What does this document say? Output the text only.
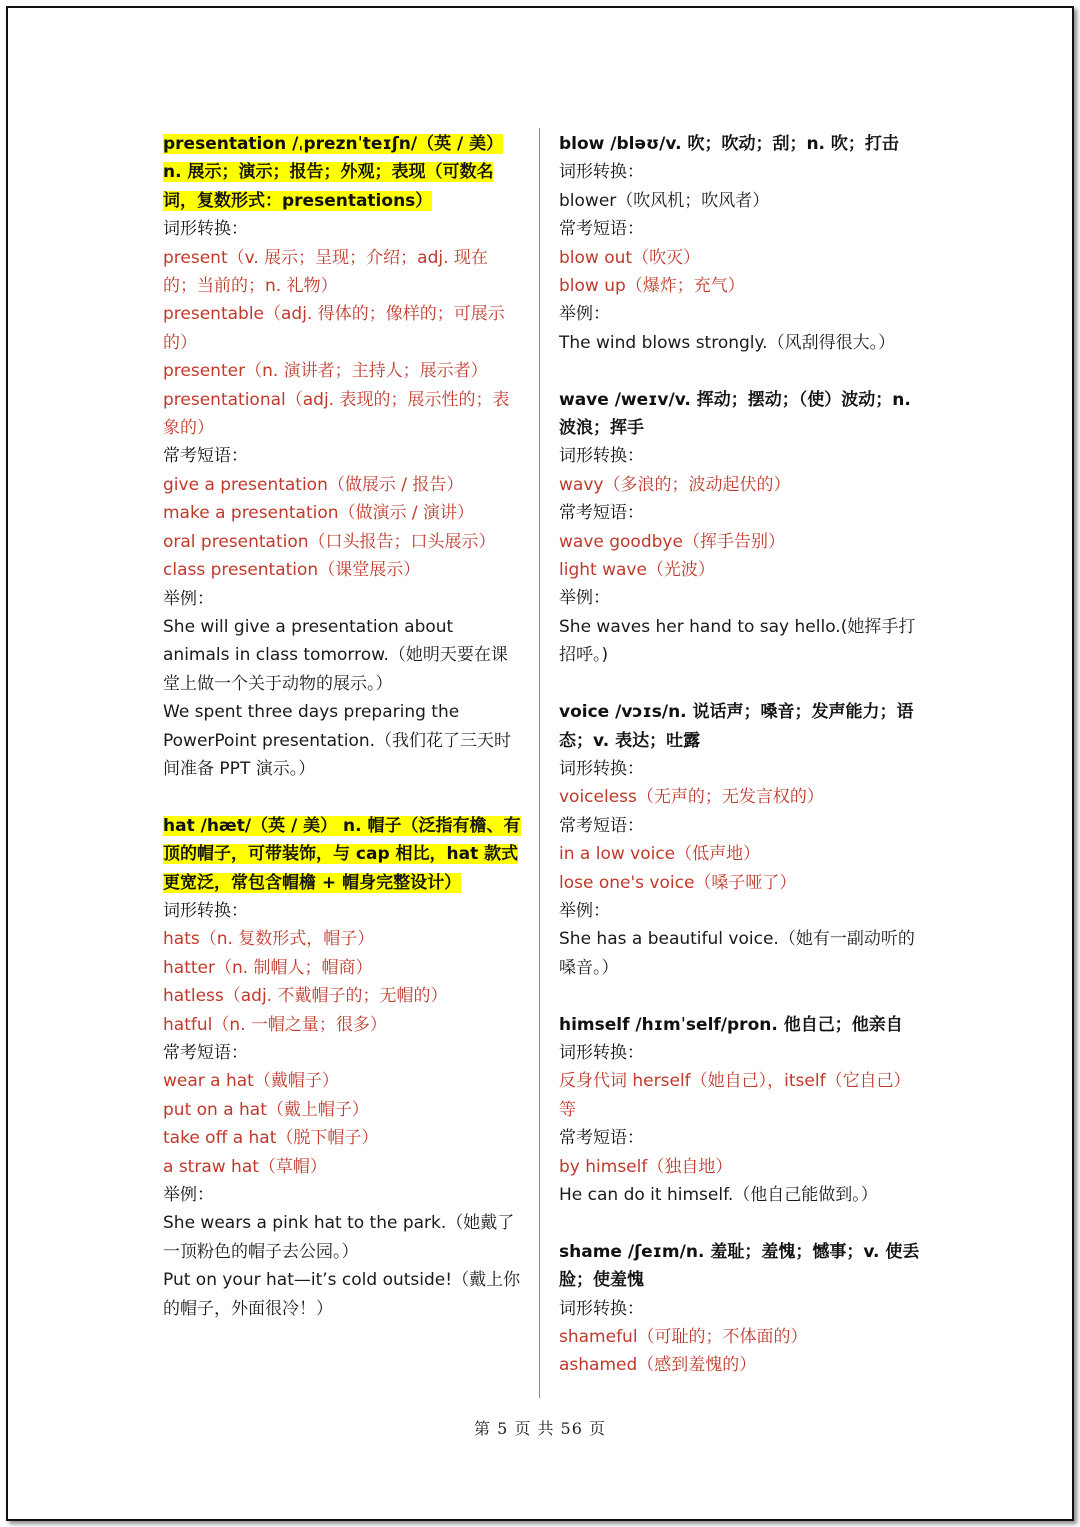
presentation /ˌpreznˈteɪʃn/（英 / 美） n. 展示；演示；报告；外观；表现（可数名词，复数形式：presentations）
词形转换：
present（v. 展示；呈现；介绍；adj. 现在的；当前的；n. 礼物）
presentable（adj. 得体的；像样的；可展示的）
presenter（n. 演讲者；主持人；展示者）
presentational（adj. 表现的；展示性的；表象的）
常考短语：
give a presentation（做展示 / 报告）
make a presentation（做演示 / 演讲）
oral presentation（口头报告；口头展示）
class presentation（课堂展示）
举例：
She will give a presentation about animals in class tomorrow.（她明天要在课堂上做一个关于动物的展示。）
We spent three days preparing the PowerPoint presentation.（我们花了三天时间准备 PPT 演示。）
hat /hæt/（英 / 美） n. 帽子（泛指有檐、有顶的帽子，可带装饰，与 cap 相比，hat 款式更宽泛，常包含帽檐 + 帽身完整设计）
词形转换：
hats（n. 复数形式，帽子）
hatter（n. 制帽人；帽商）
hatless（adj. 不戴帽子的；无帽的）
hatful（n. 一帽之量；很多）
常考短语：
wear a hat（戴帽子）
put on a hat（戴上帽子）
take off a hat（脱下帽子）
a straw hat（草帽）
举例：
She wears a pink hat to the park.（她戴了一顶粉色的帽子去公园。）
Put on your hat—it’s cold outside!（戴上你的帽子，外面很冷！）
blow /bləʊ/v. 吹；吹动；刮；n. 吹；打击
词形转换：
blower（吹风机；吹风者）
常考短语：
blow out（吹灭）
blow up（爆炸；充气）
举例：
The wind blows strongly.（风刮得很大。）
wave /weɪv/v. 挥动；摆动；（使）波动；n. 波浪；挥手
词形转换：
wavy（多浪的；波动起伏的）
常考短语：
wave goodbye（挥手告别）
light wave（光波）
举例：
She waves her hand to say hello.(她挥手打招呼。)
voice /vɔɪs/n. 说话声；嗓音；发声能力；语态；v. 表达；吐露
词形转换：
voiceless（无声的；无发言权的）
常考短语：
in a low voice（低声地）
lose one's voice（嗓子哑了）
举例：
She has a beautiful voice.（她有一副动听的嗓音。）
himself /hɪmˈself/pron. 他自己；他亲自
词形转换：
反身代词 herself（她自己），itself（它自己）等
常考短语：
by himself（独自地）
He can do it himself.（他自己能做到。）
shame /ʃeɪm/n. 羞耻；羞愧；憾事；v. 使丢脸；使羞愧
词形转换：
shameful（可耻的；不体面的）
ashamed（感到羞愧的）
第 5 页 共 56 页
